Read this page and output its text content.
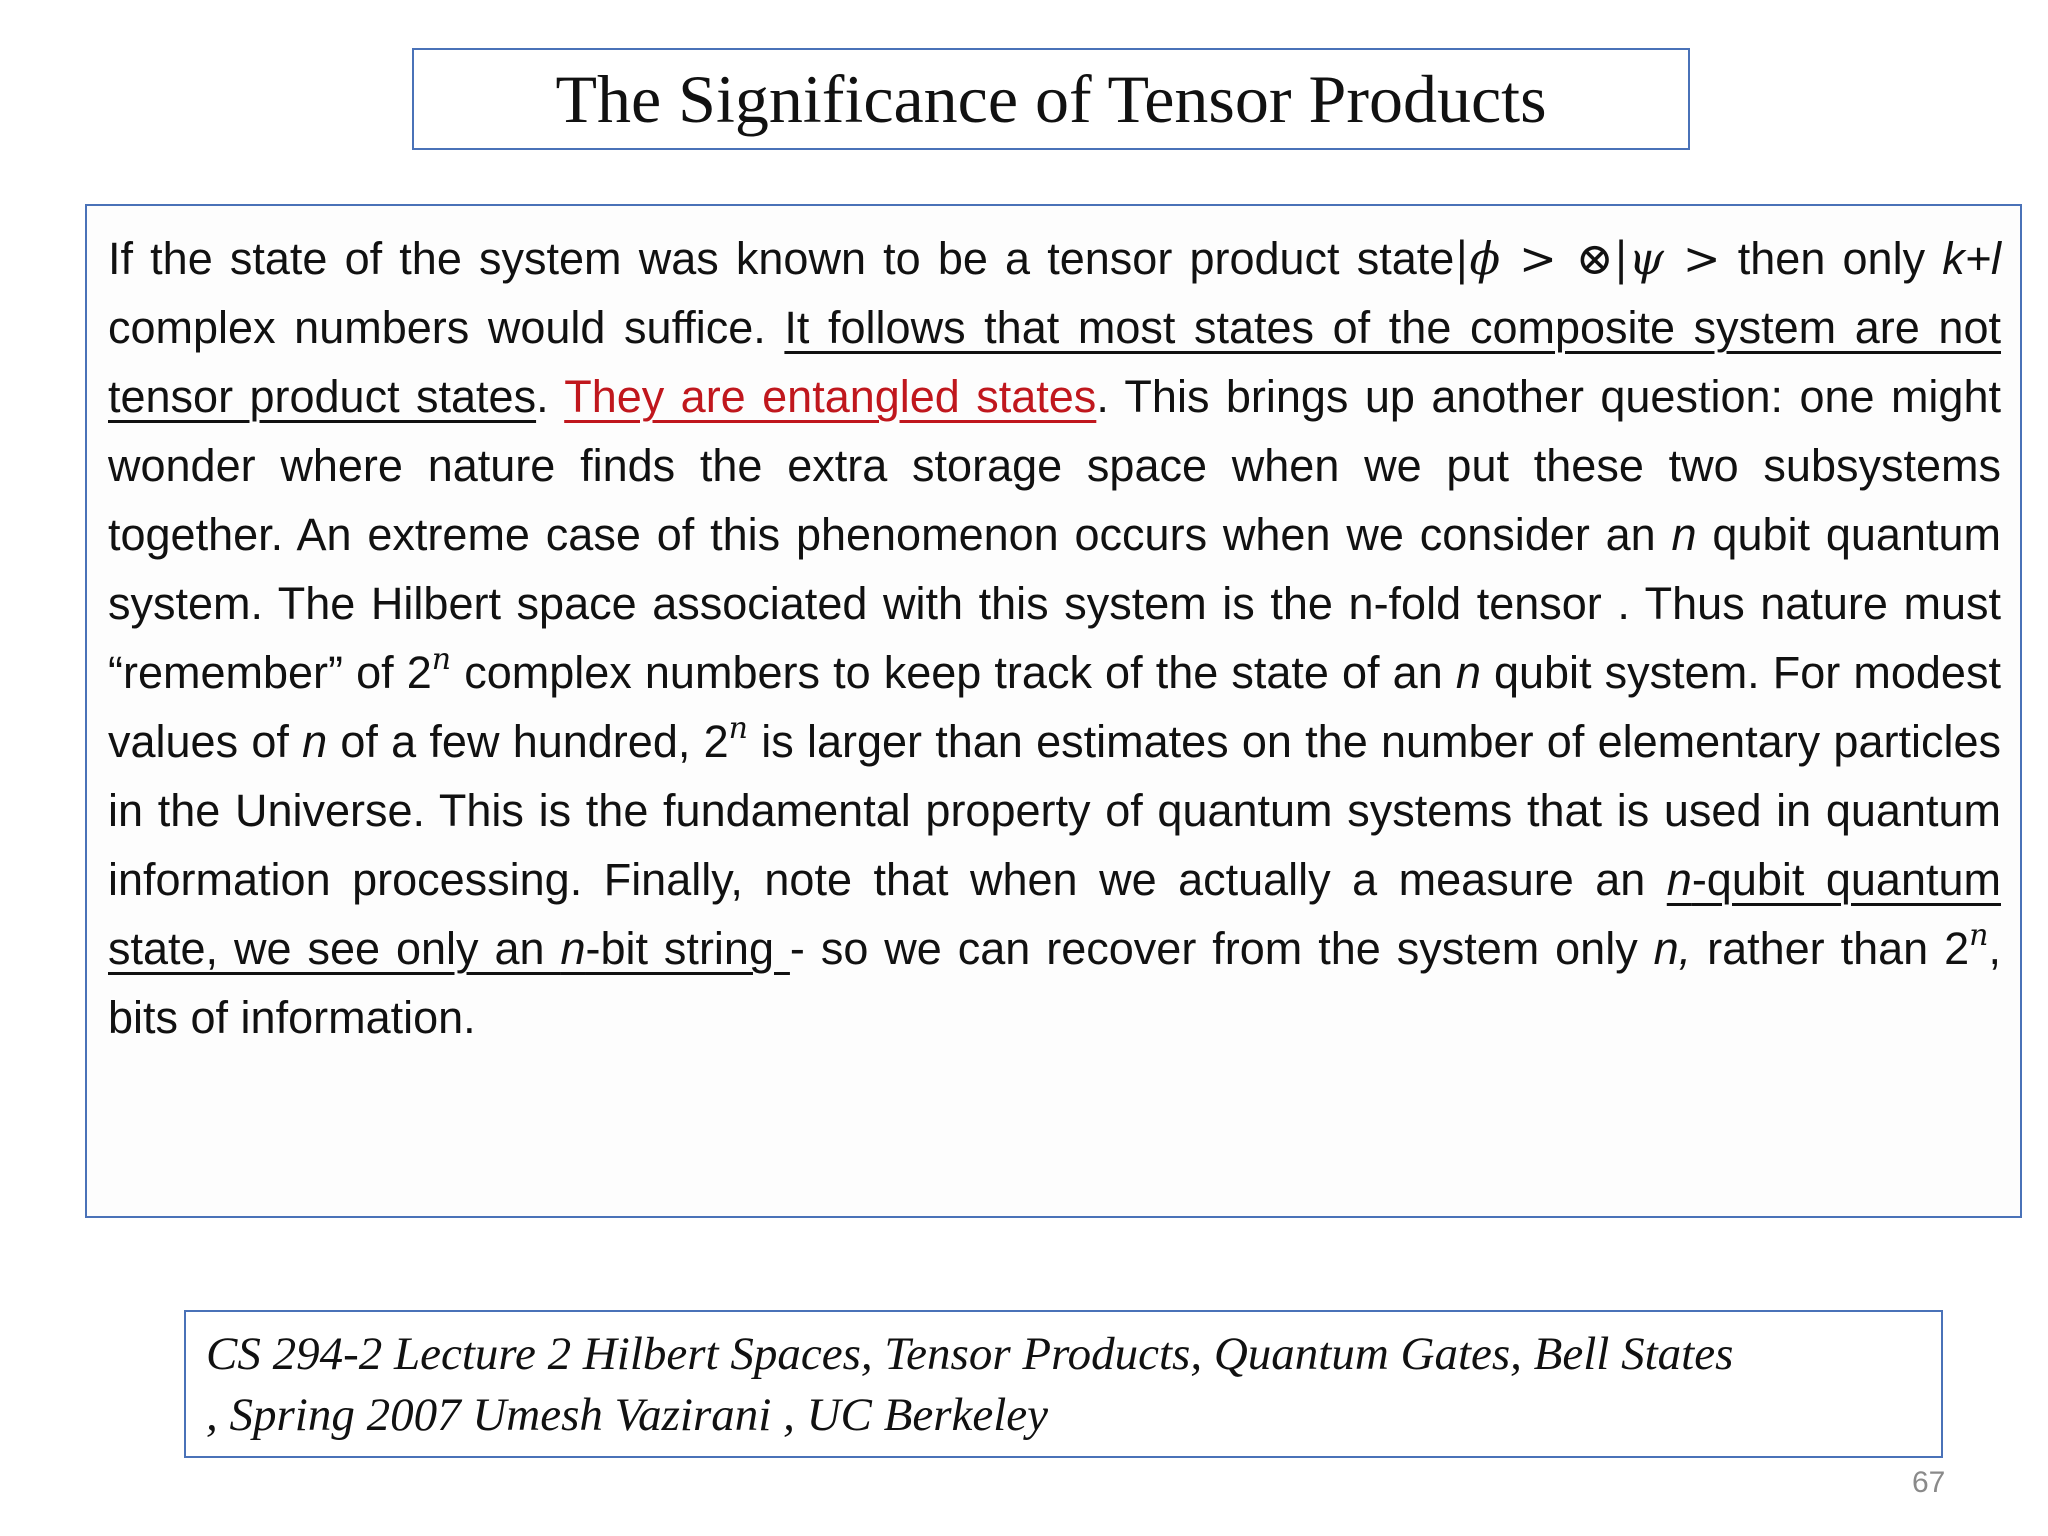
The Significance of Tensor Products

If the state of the system was known to be a tensor product state|ϕ > ⊗|ψ > then only k+l complex numbers would suffice. It follows that most states of the composite system are not tensor product states. They are entangled states. This brings up another question: one might wonder where nature finds the extra storage space when we put these two subsystems together. An extreme case of this phenomenon occurs when we consider an n qubit quantum system. The Hilbert space associated with this system is the n-fold tensor . Thus nature must “remember” of 2$^n$ complex numbers to keep track of the state of an n qubit system. For modest values of n of a few hundred, 2$^n$ is larger than estimates on the number of elementary particles in the Universe. This is the fundamental property of quantum systems that is used in quantum information processing. Finally, note that when we actually a measure an n-qubit quantum state, we see only an n-bit string - so we can recover from the system only n, rather than 2$^n$, bits of information.

CS 294-2 Lecture 2 Hilbert Spaces, Tensor Products, Quantum Gates, Bell States
, Spring 2007 Umesh Vazirani , UC Berkeley

67
